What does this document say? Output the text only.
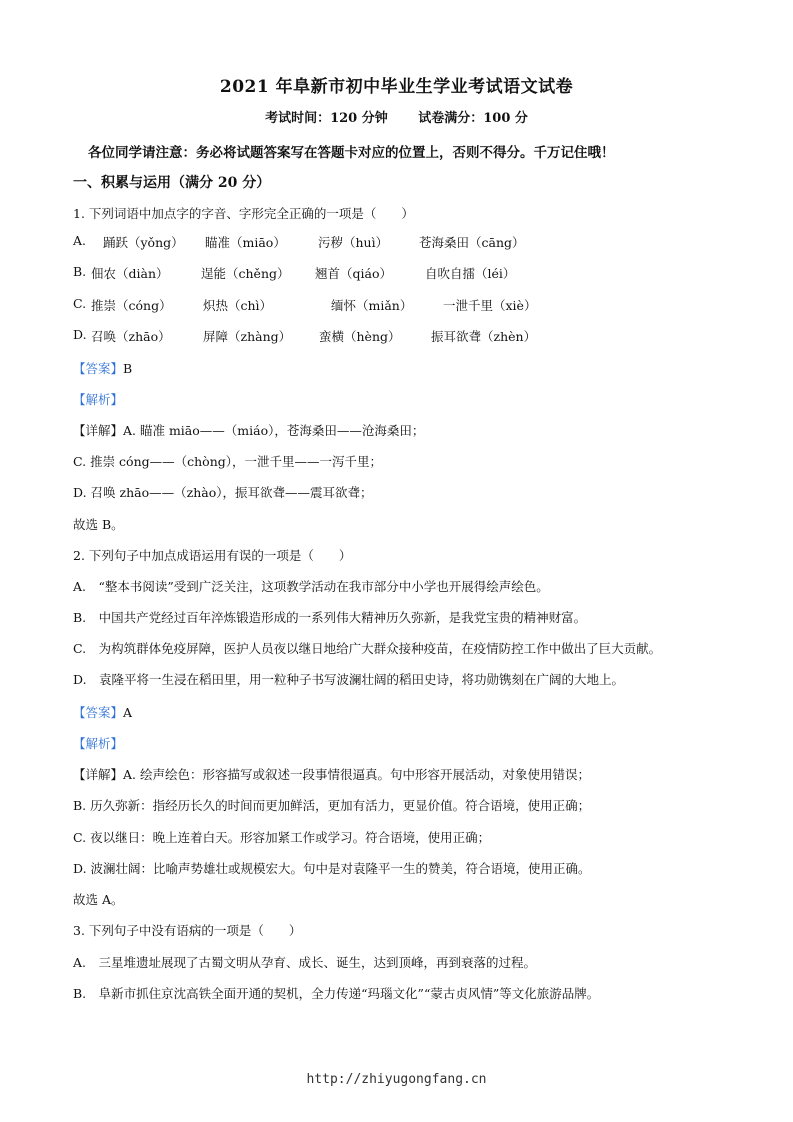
2021 年阜新市初中毕业生学业考试语文试卷
考试时间：120 分钟 试卷满分：100 分
各位同学请注意：务必将试题答案写在答题卡对应的位置上，否则不得分。千万记住哦！
一、积累与运用（满分 20 分）
1. 下列词语中加点字的字音、字形完全正确的一项是（　　）
A. 踊跃（yǒng） 瞄准（miāo）	污秽（huì） 苍海桑田（cāng）
B. 佃农（diàn）	逞能（chěng） 翘首（qiáo）	自吹自擂（léi）
C. 推崇（cóng）	炽热（chì）	缅怀（miǎn） 一泄千里（xiè）
D. 召唤（zhāo）	屏障（zhàng） 蛮横（hèng） 振耳欲聋（zhèn）
【答案】B
【解析】
【详解】A. 瞄准 miāo——（miáo），苍海桑田——沧海桑田；
C. 推崇 cóng——（chòng），一泄千里——一泻千里；
D. 召唤 zhāo——（zhào），振耳欲聋——震耳欲聋；
故选 B。
2. 下列句子中加点成语运用有误的一项是（　　）
A.　“整本书阅读”受到广泛关注，这项教学活动在我市部分中小学也开展得绘声绘色。
B.　中国共产党经过百年淬炼锻造形成的一系列伟大精神历久弥新，是我党宝贵的精神财富。
C.　为构筑群体免疫屏障，医护人员夜以继日地给广大群众接种疫苗，在疫情防控工作中做出了巨大贡献。
D.　袁隆平将一生浸在稻田里，用一粒种子书写波澜壮阔的稻田史诗，将功勋镌刻在广阔的大地上。
【答案】A
【解析】
【详解】A. 绘声绘色：形容描写或叙述一段事情很逼真。句中形容开展活动，对象使用错误；
B. 历久弥新：指经历长久的时间而更加鲜活，更加有活力，更显价值。符合语境，使用正确；
C. 夜以继日：晚上连着白天。形容加紧工作或学习。符合语境，使用正确；
D. 波澜壮阔：比喻声势雄壮或规模宏大。句中是对袁隆平一生的赞美，符合语境，使用正确。
故选 A。
3. 下列句子中没有语病的一项是（　　）
A.　三星堆遗址展现了古蜀文明从孕育、成长、诞生，达到顶峰，再到衰落的过程。
B.　阜新市抓住京沈高铁全面开通的契机，全力传递“玛瑙文化”“蒙古贞风情”等文化旅游品牌。
http://zhiyugongfang.cn
